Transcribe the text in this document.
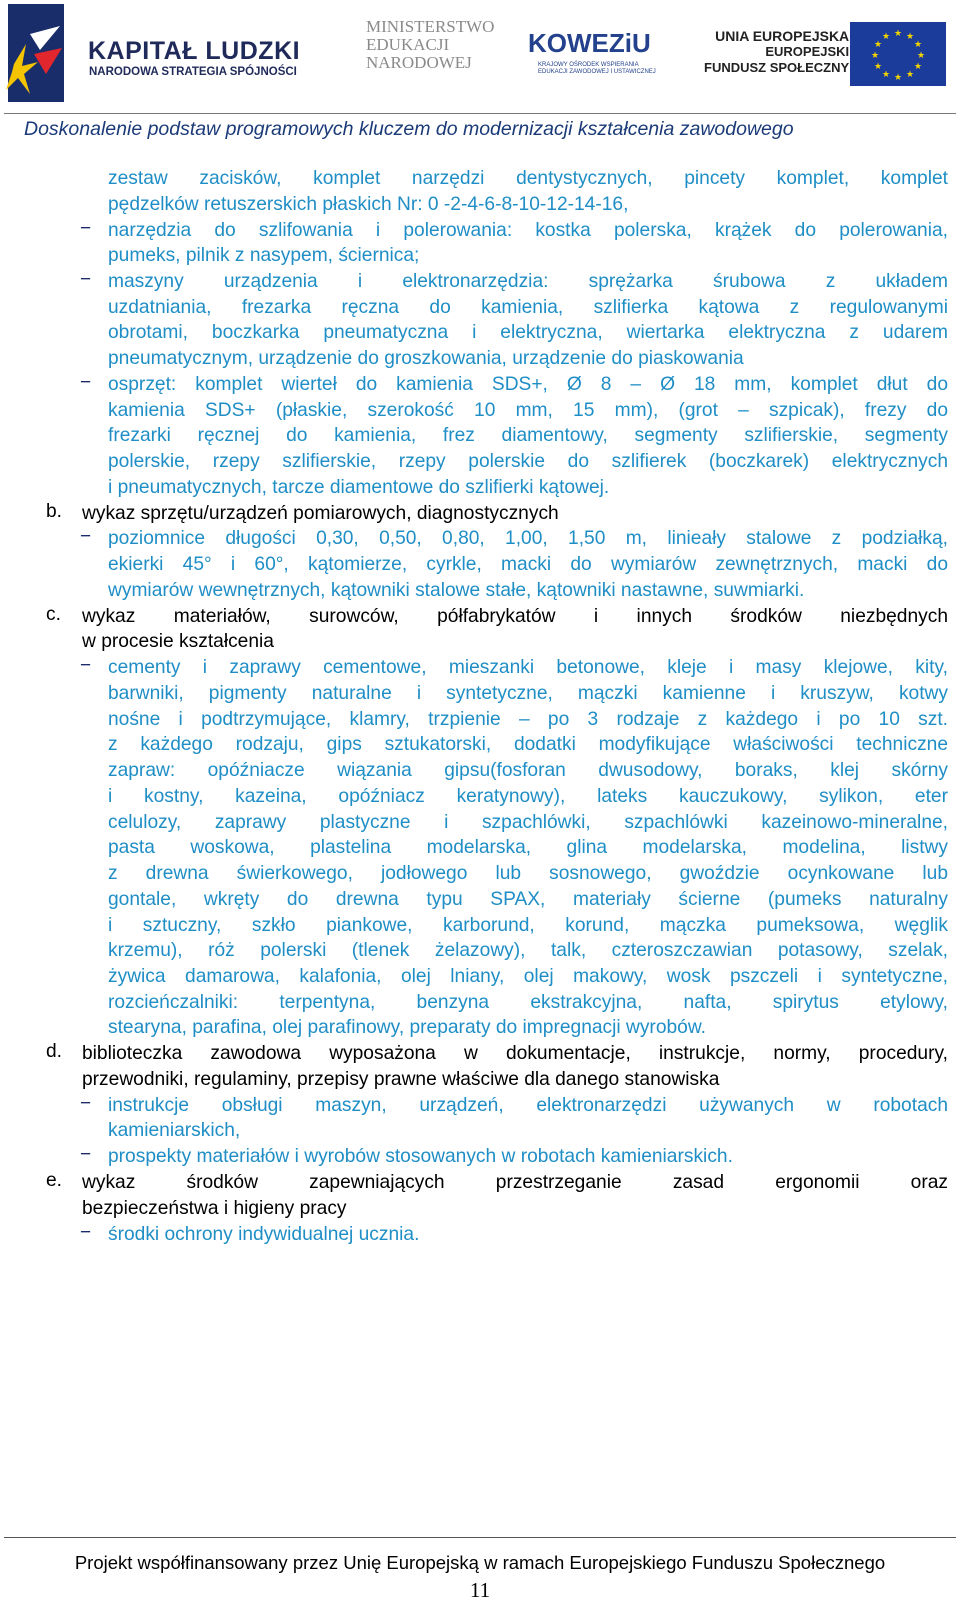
KAPITAŁ LUDZKI
NARODOWA STRATEGIA SPÓJNOŚCI
MINISTERSTWO
EDUKACJI
NARODOWEJ
KOWEZiU
KRAJOWY OŚRODEK WSPIERANIA
EDUKACJI ZAWODOWEJ I USTAWICZNEJ
UNIA EUROPEJSKA
EUROPEJSKI
FUNDUSZ SPOŁECZNY
★ ★
★
★
★
★
★
★
★
★
★
★
Doskonalenie podstaw programowych kluczem do modernizacji kształcenia zawodowego
zestaw zacisków, komplet narzędzi dentystycznych, pincety komplet, komplet
pędzelków retuszerskich płaskich Nr: 0 -2-4-6-8-10-12-14-16,
− narzędzia do szlifowania i polerowania: kostka polerska, krążek do polerowania,
pumeks, pilnik z nasypem, ściernica;
− maszyny urządzenia i elektronarzędzia: sprężarka śrubowa z układem
uzdatniania, frezarka ręczna do kamienia, szlifierka kątowa z regulowanymi
obrotami, boczkarka pneumatyczna i elektryczna, wiertarka elektryczna z udarem
pneumatycznym, urządzenie do groszkowania, urządzenie do piaskowania
− osprzęt: komplet wierteł do kamienia SDS+, Ø 8 – Ø 18 mm, komplet dłut do
kamienia SDS+ (płaskie, szerokość 10 mm, 15 mm), (grot – szpicak), frezy do
frezarki ręcznej do kamienia, frez diamentowy, segmenty szlifierskie, segmenty
polerskie, rzepy szlifierskie, rzepy polerskie do szlifierek (boczkarek) elektrycznych
i pneumatycznych, tarcze diamentowe do szlifierki kątowej.
b. wykaz sprzętu/urządzeń pomiarowych, diagnostycznych
− poziomnice długości 0,30, 0,50, 0,80, 1,00, 1,50 m, linieały stalowe z podziałką,
ekierki 45° i 60°, kątomierze, cyrkle, macki do wymiarów zewnętrznych, macki do
wymiarów wewnętrznych, kątowniki stalowe stałe, kątowniki nastawne, suwmiarki.
c. wykaz materiałów, surowców, półfabrykatów i innych środków niezbędnych
w procesie kształcenia
− cementy i zaprawy cementowe, mieszanki betonowe, kleje i masy klejowe, kity,
barwniki, pigmenty naturalne i syntetyczne, mączki kamienne i kruszyw, kotwy
nośne i podtrzymujące, klamry, trzpienie – po 3 rodzaje z każdego i po 10 szt.
z każdego rodzaju, gips sztukatorski, dodatki modyfikujące właściwości techniczne
zapraw: opóźniacze wiązania gipsu(fosforan dwusodowy, boraks, klej skórny
i kostny, kazeina, opóźniacz keratynowy), lateks kauczukowy, sylikon, eter
celulozy, zaprawy plastyczne i szpachlówki, szpachlówki kazeinowo-mineralne,
pasta woskowa, plastelina modelarska, glina modelarska, modelina, listwy
z drewna świerkowego, jodłowego lub sosnowego, gwoździe ocynkowane lub
gontale, wkręty do drewna typu SPAX, materiały ścierne (pumeks naturalny
i sztuczny, szkło piankowe, karborund, korund, mączka pumeksowa, węglik
krzemu), róż polerski (tlenek żelazowy), talk, czteroszczawian potasowy, szelak,
żywica damarowa, kalafonia, olej lniany, olej makowy, wosk pszczeli i syntetyczne,
rozcieńczalniki: terpentyna, benzyna ekstrakcyjna, nafta, spirytus etylowy,
stearyna, parafina, olej parafinowy, preparaty do impregnacji wyrobów.
d. biblioteczka zawodowa wyposażona w dokumentacje, instrukcje, normy, procedury,
przewodniki, regulaminy, przepisy prawne właściwe dla danego stanowiska
− instrukcje obsługi maszyn, urządzeń, elektronarzędzi używanych w robotach
kamieniarskich,
− prospekty materiałów i wyrobów stosowanych w robotach kamieniarskich.
e. wykaz środków zapewniających przestrzeganie zasad ergonomii oraz
bezpieczeństwa i higieny pracy
− środki ochrony indywidualnej ucznia.
Projekt współfinansowany przez Unię Europejską w ramach Europejskiego Funduszu Społecznego
11
